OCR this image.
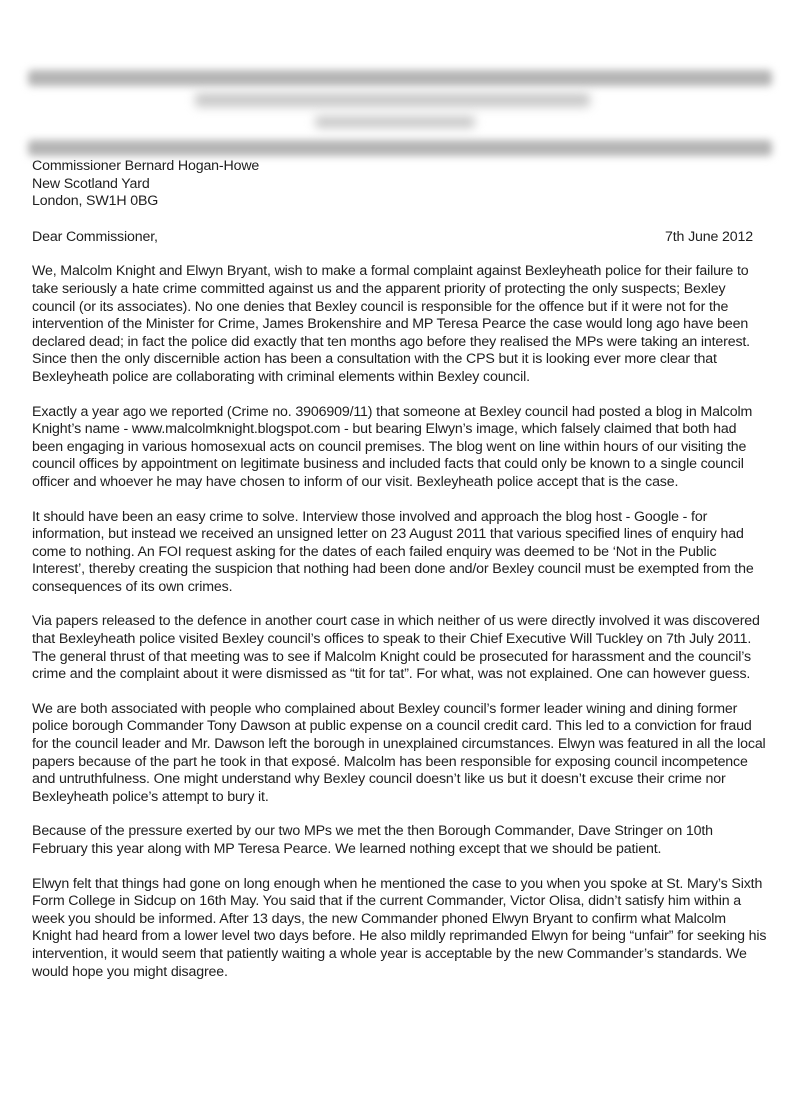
Commissioner Bernard Hogan-Howe
New Scotland Yard
London, SW1H 0BG
Dear Commissioner,	7th June 2012

We, Malcolm Knight and Elwyn Bryant, wish to make a formal complaint against Bexleyheath police for their failure to take seriously a hate crime committed against us and the apparent priority of protecting the only suspects; Bexley council (or its associates). No one denies that Bexley council is responsible for the offence but if it were not for the intervention of the Minister for Crime, James Brokenshire and MP Teresa Pearce the case would long ago have been declared dead; in fact the police did exactly that ten months ago before they realised the MPs were taking an interest. Since then the only discernible action has been a consultation with the CPS but it is looking ever more clear that Bexleyheath police are collaborating with criminal elements within Bexley council.

Exactly a year ago we reported (Crime no. 3906909/11) that someone at Bexley council had posted a blog in Malcolm Knight’s name - www.malcolmknight.blogspot.com - but bearing Elwyn’s image, which falsely claimed that both had been engaging in various homosexual acts on council premises. The blog went on line within hours of our visiting the council offices by appointment on legitimate business and included facts that could only be known to a single council officer and whoever he may have chosen to inform of our visit. Bexleyheath police accept that is the case.

It should have been an easy crime to solve. Interview those involved and approach the blog host - Google - for information, but instead we received an unsigned letter on 23 August 2011 that various specified lines of enquiry had come to nothing. An FOI request asking for the dates of each failed enquiry was deemed to be ‘Not in the Public Interest’, thereby creating the suspicion that nothing had been done and/or Bexley council must be exempted from the consequences of its own crimes.

Via papers released to the defence in another court case in which neither of us were directly involved it was discovered that Bexleyheath police visited Bexley council’s offices to speak to their Chief Executive Will Tuckley on 7th July 2011. The general thrust of that meeting was to see if Malcolm Knight could be prosecuted for harassment and the council’s crime and the complaint about it were dismissed as “tit for tat”. For what, was not explained. One can however guess.

We are both associated with people who complained about Bexley council’s former leader wining and dining former police borough Commander Tony Dawson at public expense on a council credit card. This led to a conviction for fraud for the council leader and Mr. Dawson left the borough in unexplained circumstances. Elwyn was featured in all the local papers because of the part he took in that exposé. Malcolm has been responsible for exposing council incompetence and untruthfulness. One might understand why Bexley council doesn’t like us but it doesn’t excuse their crime nor Bexleyheath police’s attempt to bury it.

Because of the pressure exerted by our two MPs we met the then Borough Commander, Dave Stringer on 10th February this year along with MP Teresa Pearce. We learned nothing except that we should be patient.

Elwyn felt that things had gone on long enough when he mentioned the case to you when you spoke at St. Mary’s Sixth Form College in Sidcup on 16th May. You said that if the current Commander, Victor Olisa, didn’t satisfy him within a week you should be informed. After 13 days, the new Commander phoned Elwyn Bryant to confirm what Malcolm Knight had heard from a lower level two days before. He also mildly reprimanded Elwyn for being “unfair” for seeking his intervention, it would seem that patiently waiting a whole year is acceptable by the new Commander’s standards. We would hope you might disagree.
